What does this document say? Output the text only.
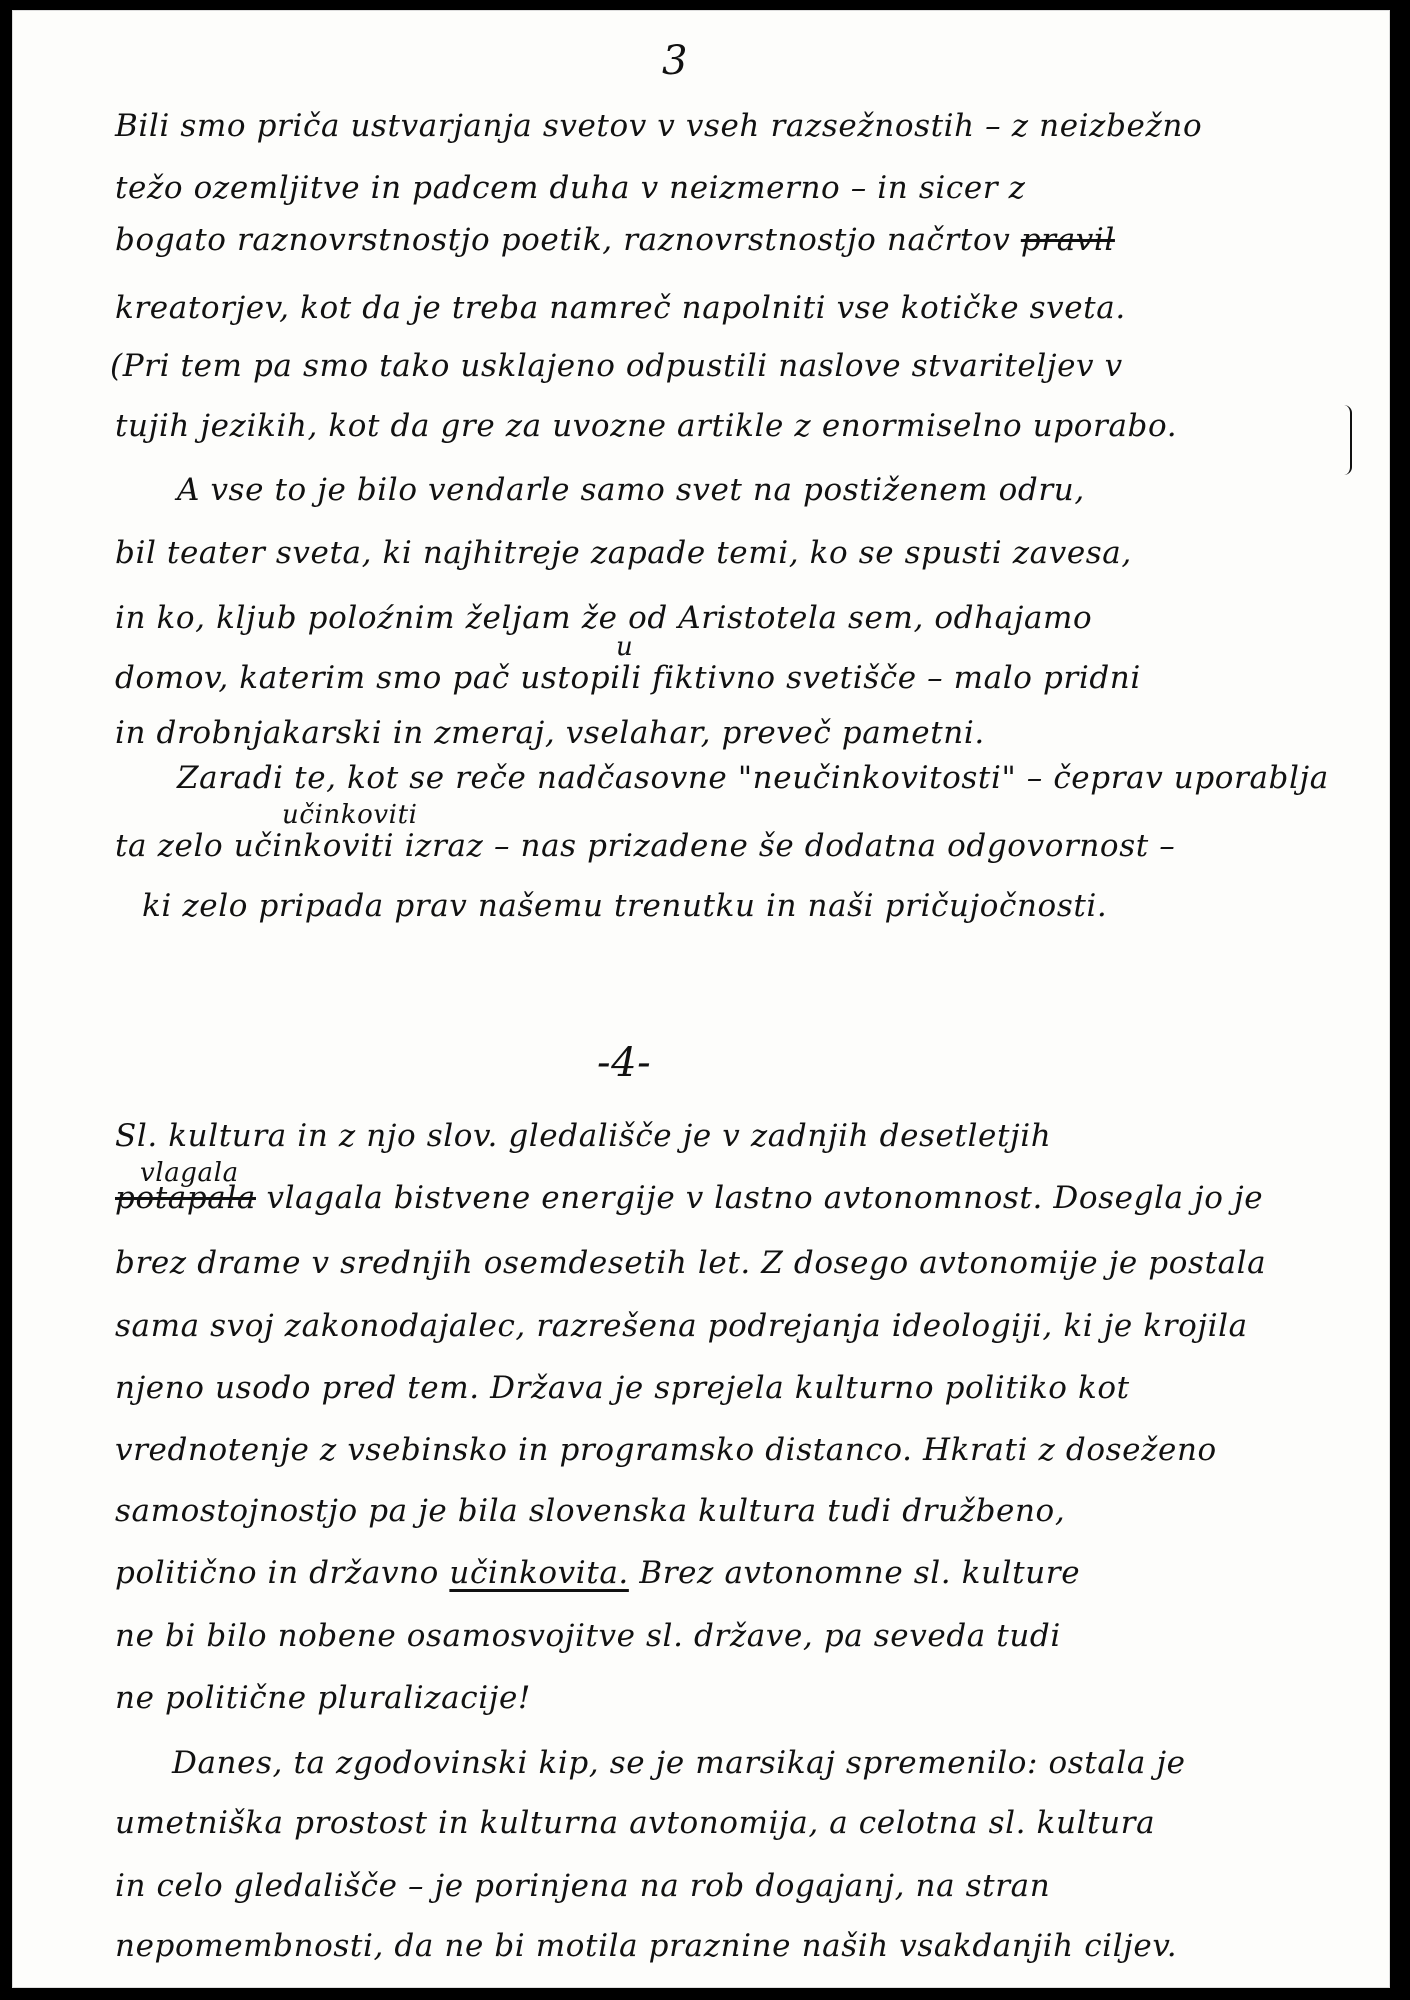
3
Bili smo priča ustvarjanja svetov v vseh razsežnostih – z neizbežno
težo ozemljitve in padcem duha v neizmerno – in sicer z
bogato raznovrstnostjo poetik, raznovrstnostjo načrtov pravil
kreatorjev, kot da je treba namreč napolniti vse kotičke sveta.
(Pri tem pa smo tako usklajeno odpustili naslove stvariteljev v
tujih jezikih, kot da gre za uvozne artikle z enormiselno uporabo.
A vse to je bilo vendarle samo svet na postiženem odru,
bil teater sveta, ki najhitreje zapade temi, ko se spusti zavesa,
in ko, kljub poloźnim željam že od Aristotela sem, odhajamo
u
domov, katerim smo pač ustopili fiktivno svetišče – malo pridni
in drobnjakarski in zmeraj, vselahar, preveč pametni.
Zaradi te, kot se reče nadčasovne "neučinkovitosti" – čeprav uporablja
učinkoviti
ta zelo učinkoviti izraz – nas prizadene še dodatna odgovornost –
ki zelo pripada prav našemu trenutku in naši pričujočnosti.
-4-
Sl. kultura in z njo slov. gledališče je v zadnjih desetletjih
vlagala
potapala vlagala bistvene energije v lastno avtonomnost. Dosegla jo je
brez drame v srednjih osemdesetih let. Z dosego avtonomije je postala
sama svoj zakonodajalec, razrešena podrejanja ideologiji, ki je krojila
njeno usodo pred tem. Država je sprejela kulturno politiko kot
vrednotenje z vsebinsko in programsko distanco. Hkrati z doseženo
samostojnostjo pa je bila slovenska kultura tudi družbeno,
politično in državno učinkovita. Brez avtonomne sl. kulture
ne bi bilo nobene osamosvojitve sl. države, pa seveda tudi
ne politične pluralizacije!
Danes, ta zgodovinski kip, se je marsikaj spremenilo: ostala je
umetniška prostost in kulturna avtonomija, a celotna sl. kultura
in celo gledališče – je porinjena na rob dogajanj, na stran
nepomembnosti, da ne bi motila praznine naših vsakdanjih ciljev.
